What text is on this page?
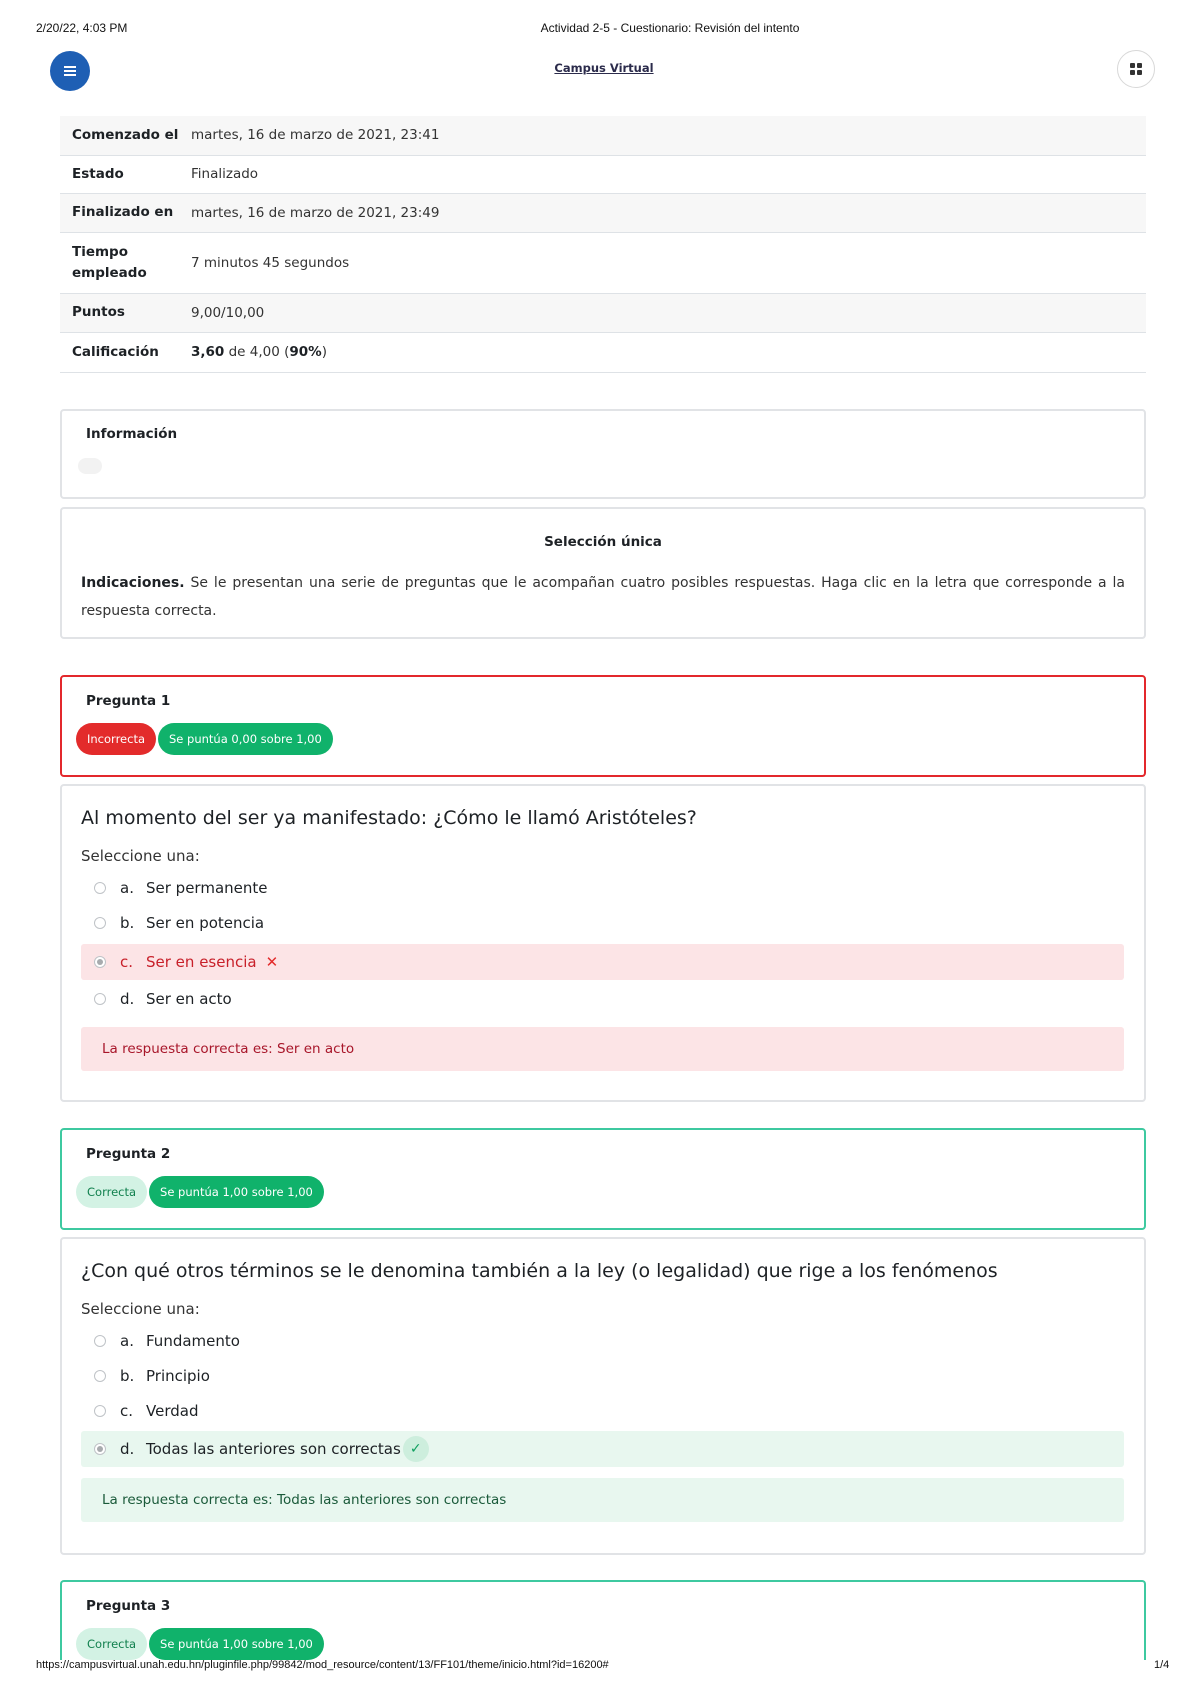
2/20/22, 4:03 PM	Actividad 2-5 - Cuestionario: Revisión del intento
Campus Virtual
Comenzado el	martes, 16 de marzo de 2021, 23:41
Estado	Finalizado
Finalizado en	martes, 16 de marzo de 2021, 23:49

Tiempo empleado	7 minutos 45 segundos
Puntos	9,00/10,00
Calificación	3,60 de 4,00 (90%)
Información
Selección única
Indicaciones. Se le presentan una serie de preguntas que le acompañan cuatro posibles respuestas. Haga clic en la letra que corresponde a la respuesta correcta.
Pregunta 1
Incorrecta	Se puntúa 0,00 sobre 1,00
Al momento del ser ya manifestado: ¿Cómo le llamó Aristóteles?
Seleccione una:
a. Ser permanente
b. Ser en potencia
c. Ser en esencia ✕
d. Ser en acto
La respuesta correcta es: Ser en acto
Pregunta 2
Correcta	Se puntúa 1,00 sobre 1,00
¿Con qué otros términos se le denomina también a la ley (o legalidad) que rige a los fenómenos
Seleccione una:
a. Fundamento
b. Principio
c. Verdad
d. Todas las anteriores son correctas ✓
La respuesta correcta es: Todas las anteriores son correctas
Pregunta 3
Correcta	Se puntúa 1,00 sobre 1,00
https://campusvirtual.unah.edu.hn/pluginfile.php/99842/mod_resource/content/13/FF101/theme/inicio.html?id=16200#	1/4
